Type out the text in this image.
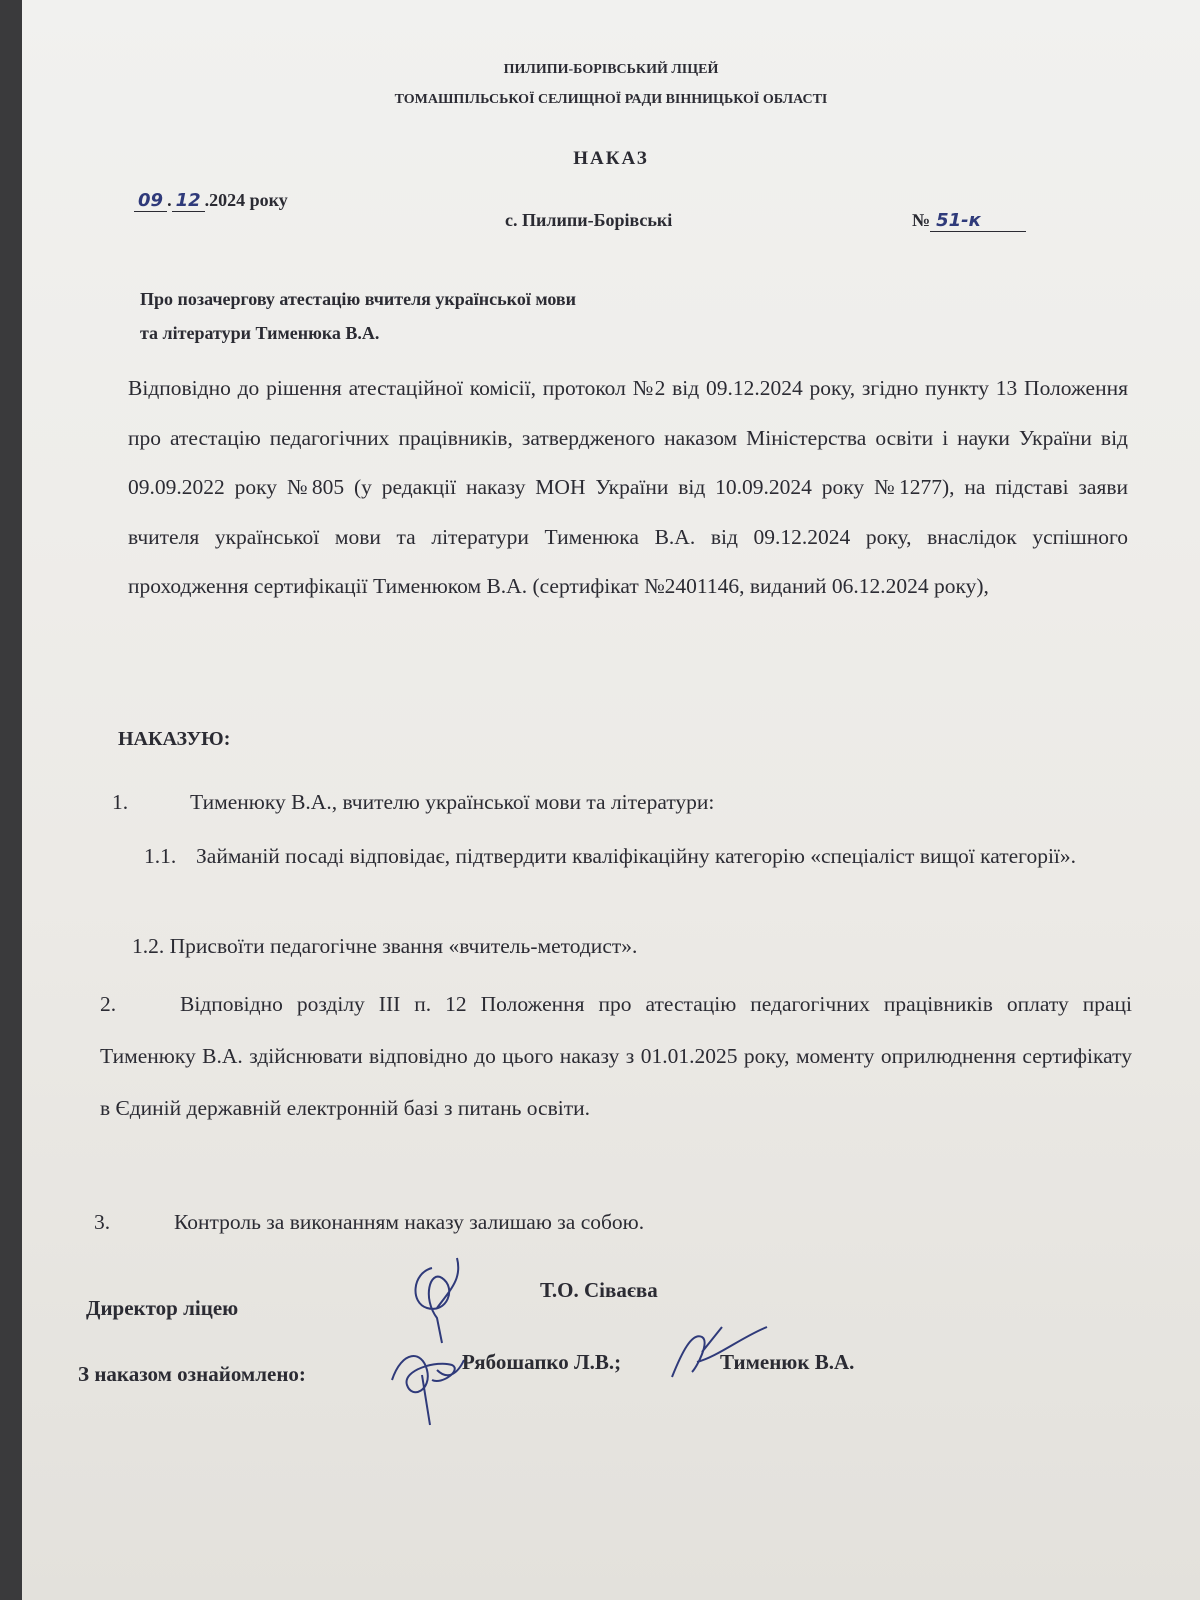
ПИЛИПИ-БОРІВСЬКИЙ ЛІЦЕЙ
ТОМАШПІЛЬСЬКОЇ СЕЛИЩНОЇ РАДИ ВІННИЦЬКОЇ ОБЛАСТІ
НАКАЗ
09 . 12 .2024 року
с. Пилипи-Борівські	№ 51-к
Про позачергову атестацію вчителя української мови
та літератури Тименюка В.А.

Відповідно до рішення атестаційної комісії, протокол №2 від 09.12.2024 року, згідно пункту 13 Положення про атестацію педагогічних працівників, затвердженого наказом Міністерства освіти і науки України від 09.09.2022 року №805 (у редакції наказу МОН України від 10.09.2024 року №1277), на підставі заяви вчителя української мови та літератури Тименюка В.А. від 09.12.2024 року, внаслідок успішного проходження сертифікації Тименюком В.А. (сертифікат №2401146, виданий 06.12.2024 року),

НАКАЗУЮ:
1.	Тименюку В.А., вчителю української мови та літератури:
1.1. Займаній посаді відповідає, підтвердити кваліфікаційну категорію «спеціаліст вищої категорії».
1.2. Присвоїти педагогічне звання «вчитель-методист».
2.	Відповідно розділу ІІІ п. 12 Положення про атестацію педагогічних працівників оплату праці Тименюку В.А. здійснювати відповідно до цього наказу з 01.01.2025 року, моменту оприлюднення сертифікату в Єдиній державній електронній базі з питань освіти.
3.	Контроль за виконанням наказу залишаю за собою.
Директор ліцею
Т.О. Сіваєва
З наказом ознайомлено:	Рябошапко Л.В.;	Тименюк В.А.
